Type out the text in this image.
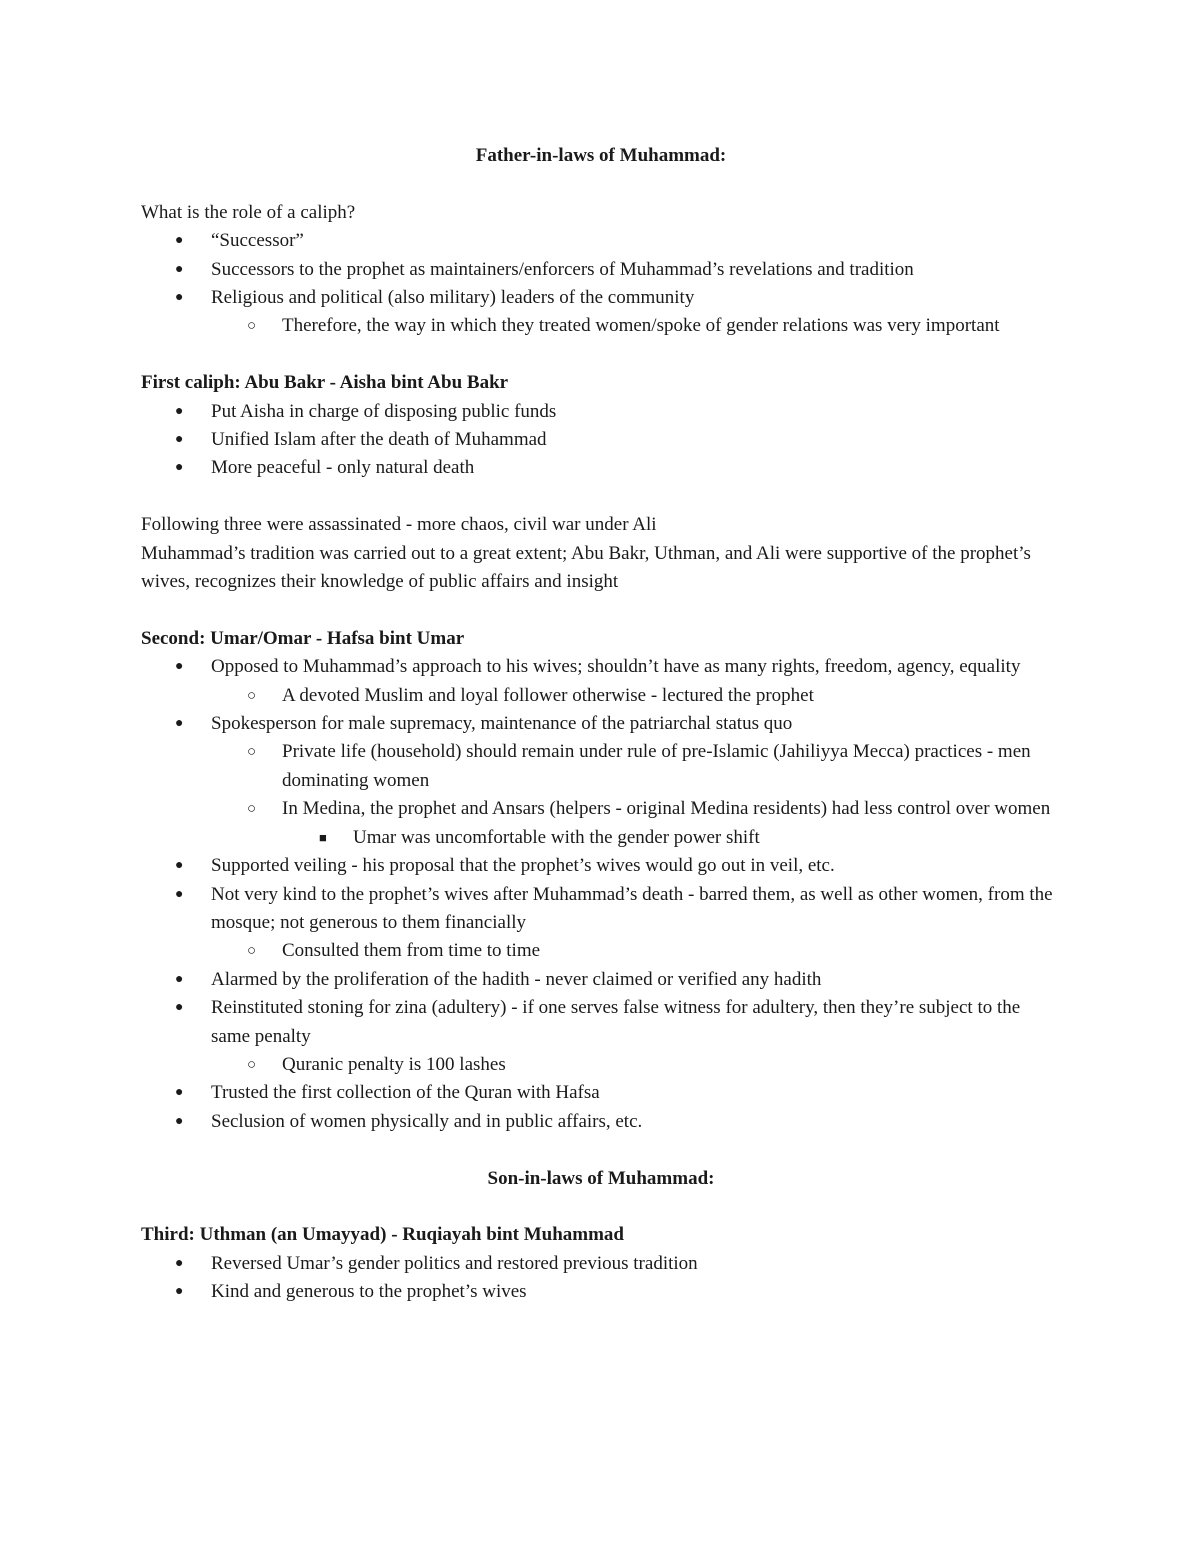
Father-in-laws of Muhammad:
What is the role of a caliph?
● “Successor”
● Successors to the prophet as maintainers/enforcers of Muhammad’s revelations and tradition
● Religious and political (also military) leaders of the community
○ Therefore, the way in which they treated women/spoke of gender relations was very important
First caliph: Abu Bakr - Aisha bint Abu Bakr
● Put Aisha in charge of disposing public funds
● Unified Islam after the death of Muhammad
● More peaceful - only natural death
Following three were assassinated - more chaos, civil war under Ali
Muhammad’s tradition was carried out to a great extent; Abu Bakr, Uthman, and Ali were supportive of the prophet’s wives, recognizes their knowledge of public affairs and insight
Second: Umar/Omar - Hafsa bint Umar
● Opposed to Muhammad’s approach to his wives; shouldn’t have as many rights, freedom, agency, equality
○ A devoted Muslim and loyal follower otherwise - lectured the prophet
● Spokesperson for male supremacy, maintenance of the patriarchal status quo
○ Private life (household) should remain under rule of pre-Islamic (Jahiliyya Mecca) practices - men dominating women
○ In Medina, the prophet and Ansars (helpers - original Medina residents) had less control over women
■ Umar was uncomfortable with the gender power shift
● Supported veiling - his proposal that the prophet’s wives would go out in veil, etc.
● Not very kind to the prophet’s wives after Muhammad’s death - barred them, as well as other women, from the mosque; not generous to them financially
○ Consulted them from time to time
● Alarmed by the proliferation of the hadith - never claimed or verified any hadith
● Reinstituted stoning for zina (adultery) - if one serves false witness for adultery, then they’re subject to the same penalty
○ Quranic penalty is 100 lashes
● Trusted the first collection of the Quran with Hafsa
● Seclusion of women physically and in public affairs, etc.
Son-in-laws of Muhammad:
Third: Uthman (an Umayyad) - Ruqiayah bint Muhammad
● Reversed Umar’s gender politics and restored previous tradition
● Kind and generous to the prophet’s wives
